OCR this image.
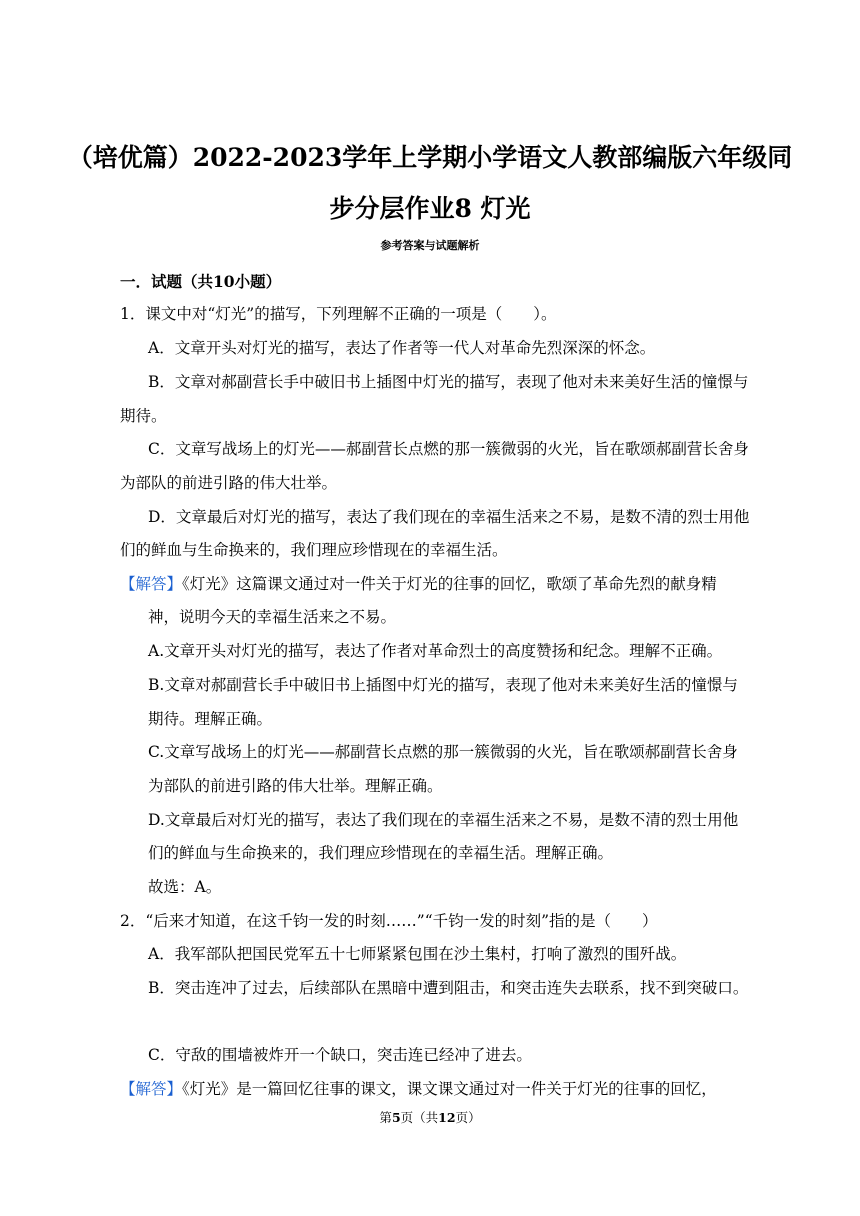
（培优篇）2022-2023学年上学期小学语文人教部编版六年级同
步分层作业8 灯光
参考答案与试题解析
一．试题（共10小题）
1．课文中对“灯光”的描写，下列理解不正确的一项是（　　）。
A．文章开头对灯光的描写，表达了作者等一代人对革命先烈深深的怀念。
B．文章对郝副营长手中破旧书上插图中灯光的描写，表现了他对未来美好生活的憧憬与
期待。
C．文章写战场上的灯光——郝副营长点燃的那一簇微弱的火光，旨在歌颂郝副营长舍身
为部队的前进引路的伟大壮举。
D．文章最后对灯光的描写，表达了我们现在的幸福生活来之不易，是数不清的烈士用他
们的鲜血与生命换来的，我们理应珍惜现在的幸福生活。
【解答】《灯光》这篇课文通过对一件关于灯光的往事的回忆，歌颂了革命先烈的献身精
神，说明今天的幸福生活来之不易。
A.文章开头对灯光的描写，表达了作者对革命烈士的高度赞扬和纪念。理解不正确。
B.文章对郝副营长手中破旧书上插图中灯光的描写，表现了他对未来美好生活的憧憬与
期待。理解正确。
C.文章写战场上的灯光——郝副营长点燃的那一簇微弱的火光，旨在歌颂郝副营长舍身
为部队的前进引路的伟大壮举。理解正确。
D.文章最后对灯光的描写，表达了我们现在的幸福生活来之不易，是数不清的烈士用他
们的鲜血与生命换来的，我们理应珍惜现在的幸福生活。理解正确。
故选：A。
2．“后来才知道，在这千钧一发的时刻……”“千钧一发的时刻”指的是（　　）
A．我军部队把国民党军五十七师紧紧包围在沙土集村，打响了激烈的围歼战。
B．突击连冲了过去，后续部队在黑暗中遭到阻击，和突击连失去联系，找不到突破口。
C．守敌的围墙被炸开一个缺口，突击连已经冲了进去。
【解答】《灯光》是一篇回忆往事的课文，课文课文通过对一件关于灯光的往事的回忆，
第5页（共12页）
